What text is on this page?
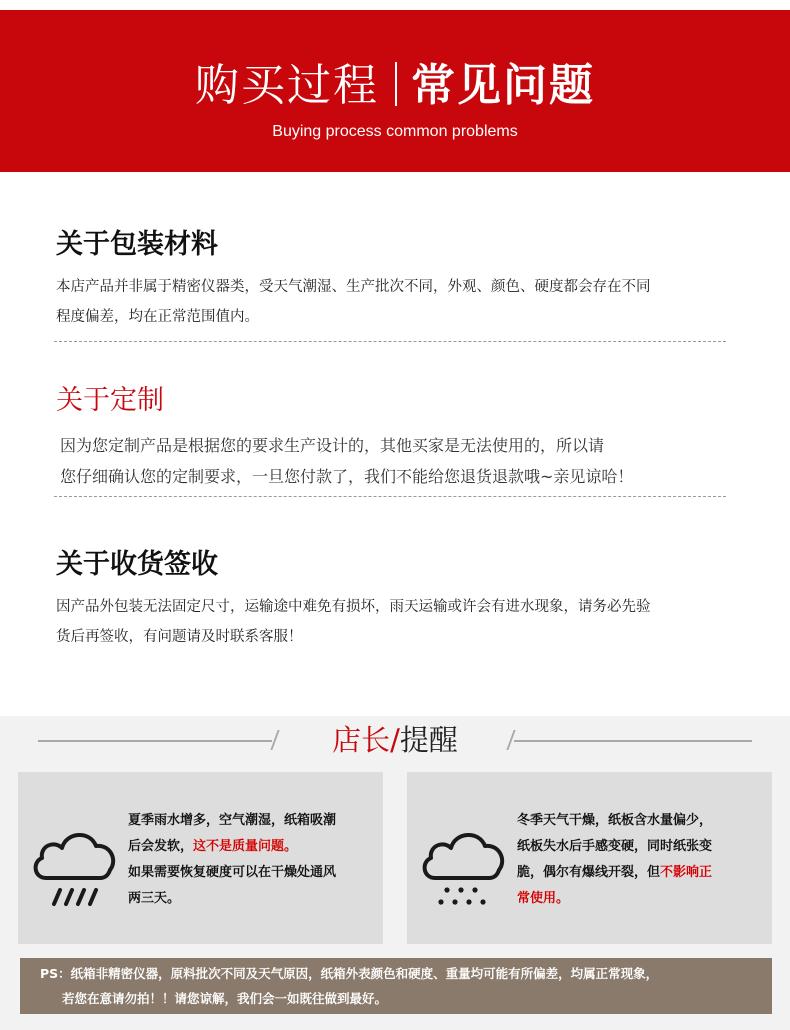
购买过程 常见问题
Buying process common problems
关于包装材料
本店产品并非属于精密仪器类，受天气潮湿、生产批次不同，外观、颜色、硬度都会存在不同
程度偏差，均在正常范围值内。
关于定制
因为您定制产品是根据您的要求生产设计的，其他买家是无法使用的，所以请
您仔细确认您的定制要求，一旦您付款了，我们不能给您退货退款哦~亲见谅哈！
关于收货签收
因产品外包装无法固定尺寸，运输途中难免有损坏，雨天运输或许会有进水现象，请务必先验
货后再签收，有问题请及时联系客服！
店长/提醒
夏季雨水增多，空气潮湿，纸箱吸潮
后会发软，这不是质量问题。
如果需要恢复硬度可以在干燥处通风
两三天。
冬季天气干燥，纸板含水量偏少，
纸板失水后手感变硬，同时纸张变
脆，偶尔有爆线开裂，但不影响正
常使用。
PS：纸箱非精密仪器，原料批次不同及天气原因，纸箱外表颜色和硬度、重量均可能有所偏差，均属正常现象，
若您在意请勿拍！！请您谅解，我们会一如既往做到最好。
